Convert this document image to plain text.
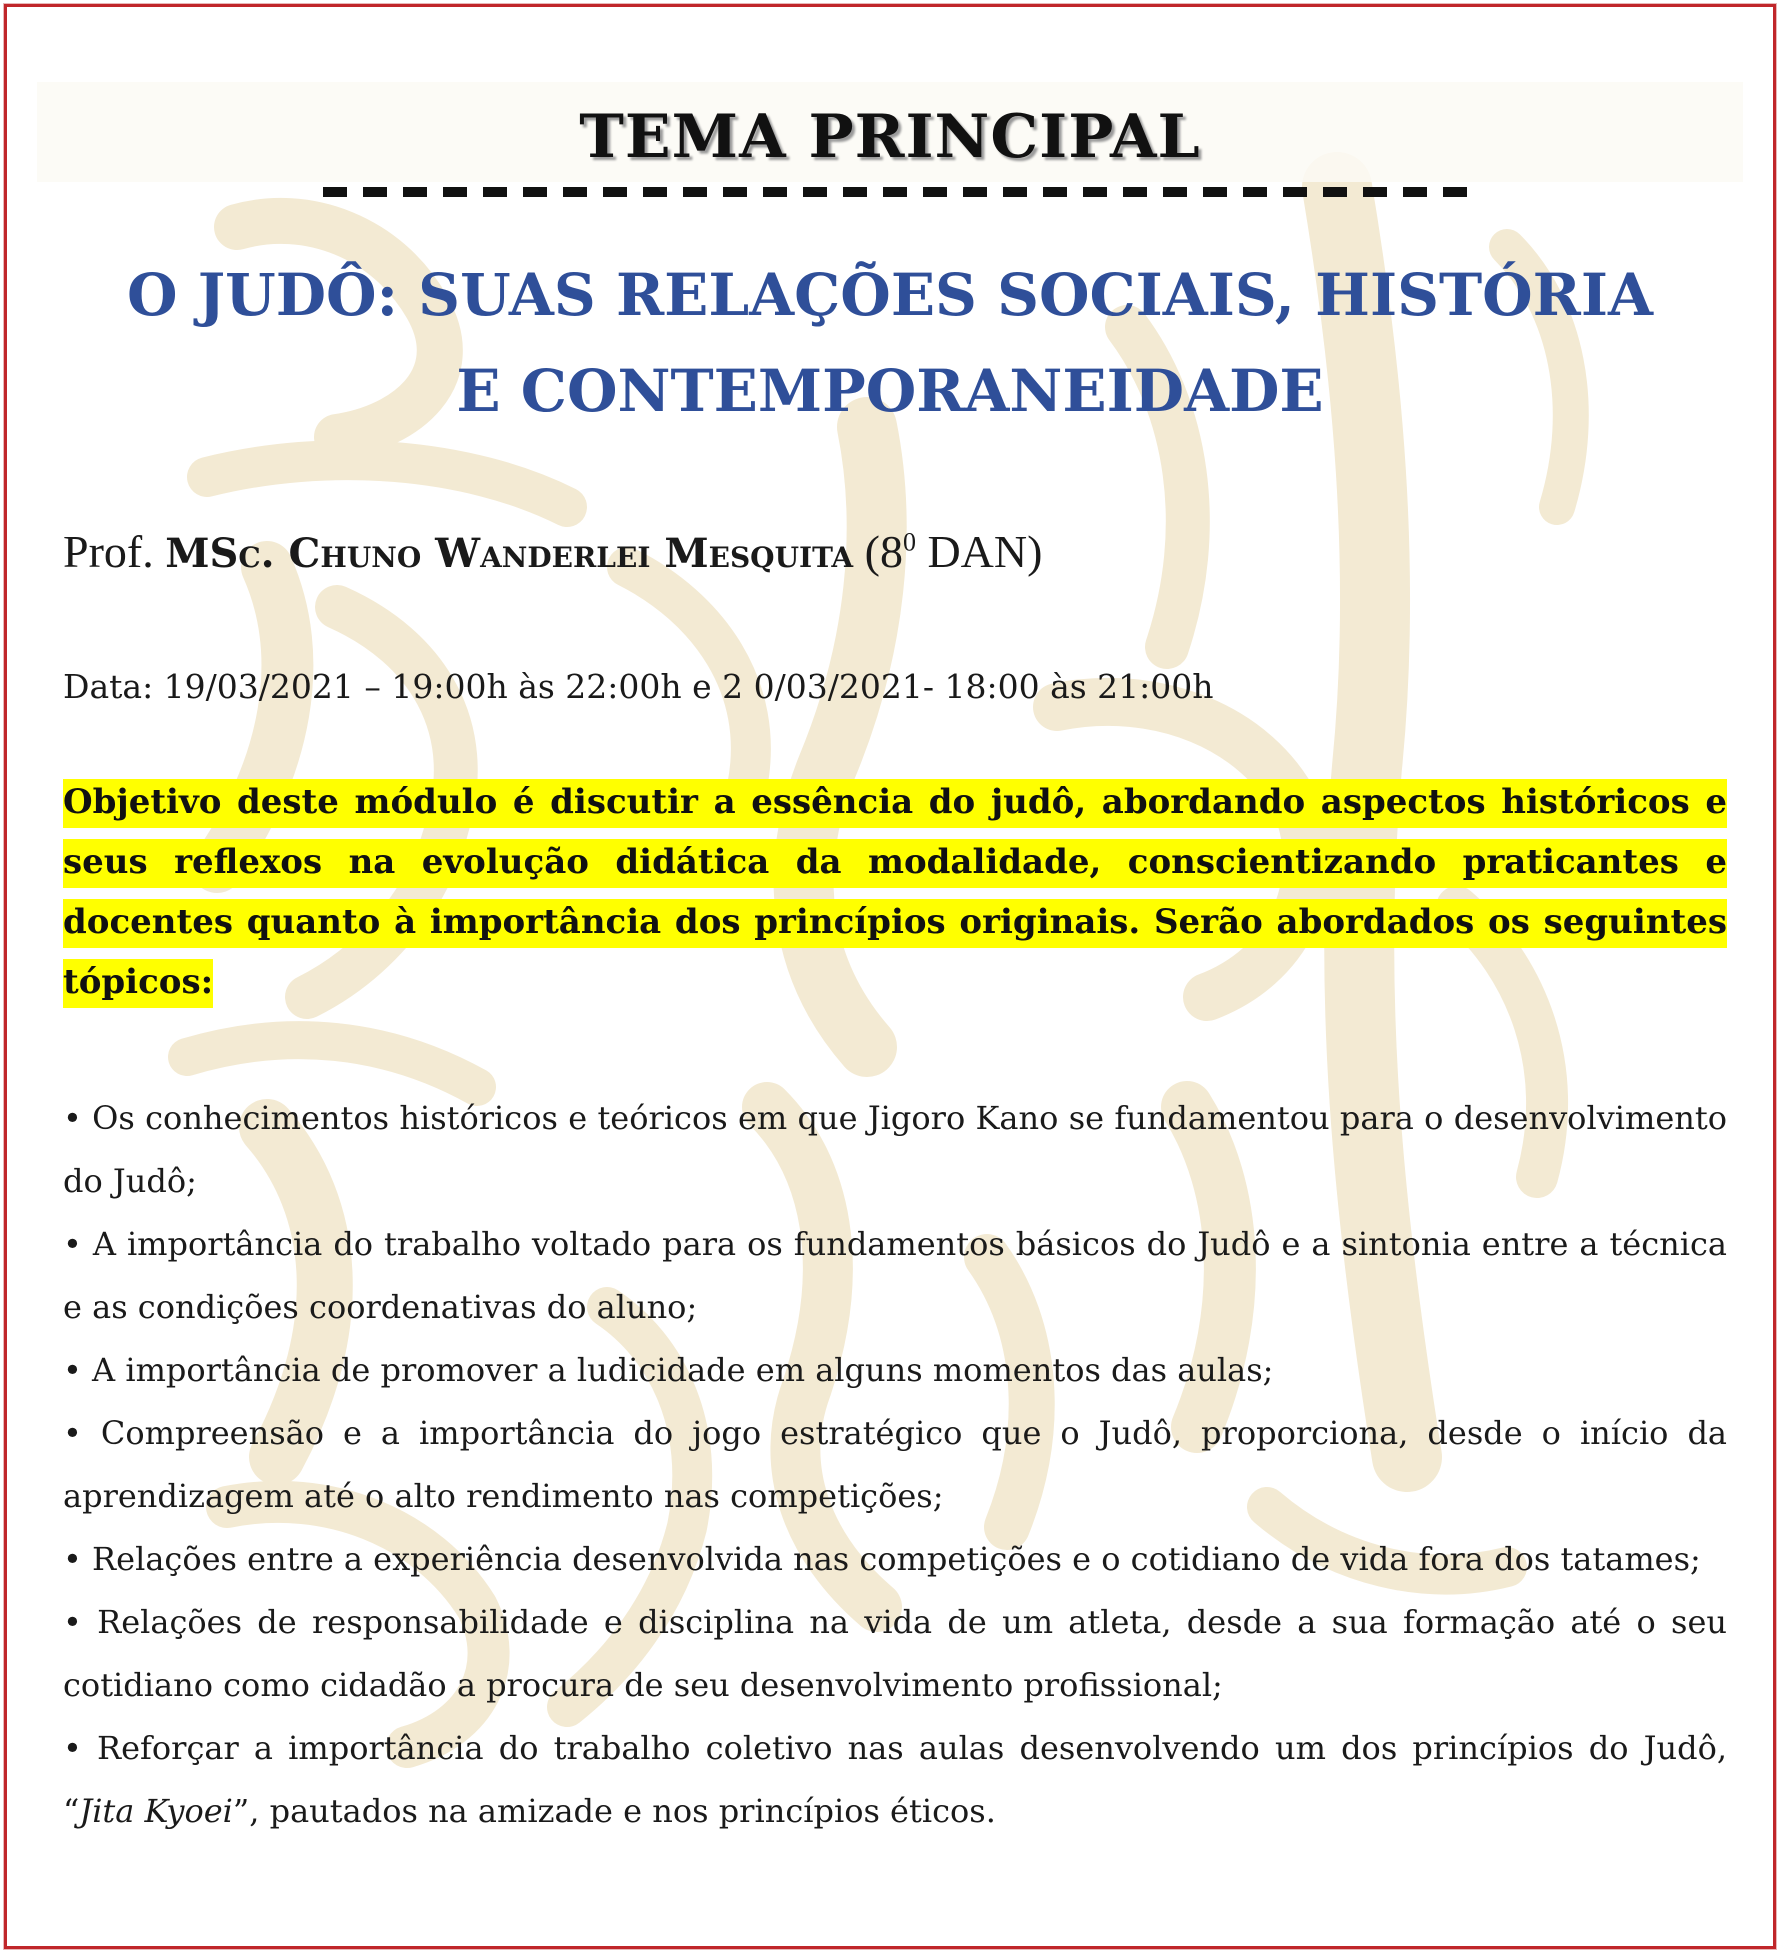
TEMA PRINCIPAL
O JUDÔ: SUAS RELAÇÕES SOCIAIS, HISTÓRIA
E CONTEMPORANEIDADE
Prof. MSc. Chuno Wanderlei Mesquita ($8^0$ DAN)
Data: 19/03/2021 – 19:00h às 22:00h e 2 0/03/2021- 18:00 às 21:00h

Objetivo deste módulo é discutir a essência do judô, abordando aspectos históricos e seus reflexos na evolução didática da modalidade, conscientizando praticantes e docentes quanto à importância dos princípios originais. Serão abordados os seguintes tópicos:

• Os conhecimentos históricos e teóricos em que Jigoro Kano se fundamentou para o desenvolvimento do Judô;
• A importância do trabalho voltado para os fundamentos básicos do Judô e a sintonia entre a técnica e as condições coordenativas do aluno;
• A importância de promover a ludicidade em alguns momentos das aulas;
• Compreensão e a importância do jogo estratégico que o Judô, proporciona, desde o início da aprendizagem até o alto rendimento nas competições;
• Relações entre a experiência desenvolvida nas competições e o cotidiano de vida fora dos tatames;
• Relações de responsabilidade e disciplina na vida de um atleta, desde a sua formação até o seu cotidiano como cidadão a procura de seu desenvolvimento profissional;
• Reforçar a importância do trabalho coletivo nas aulas desenvolvendo um dos princípios do Judô, “Jita Kyoei”, pautados na amizade e nos princípios éticos.
